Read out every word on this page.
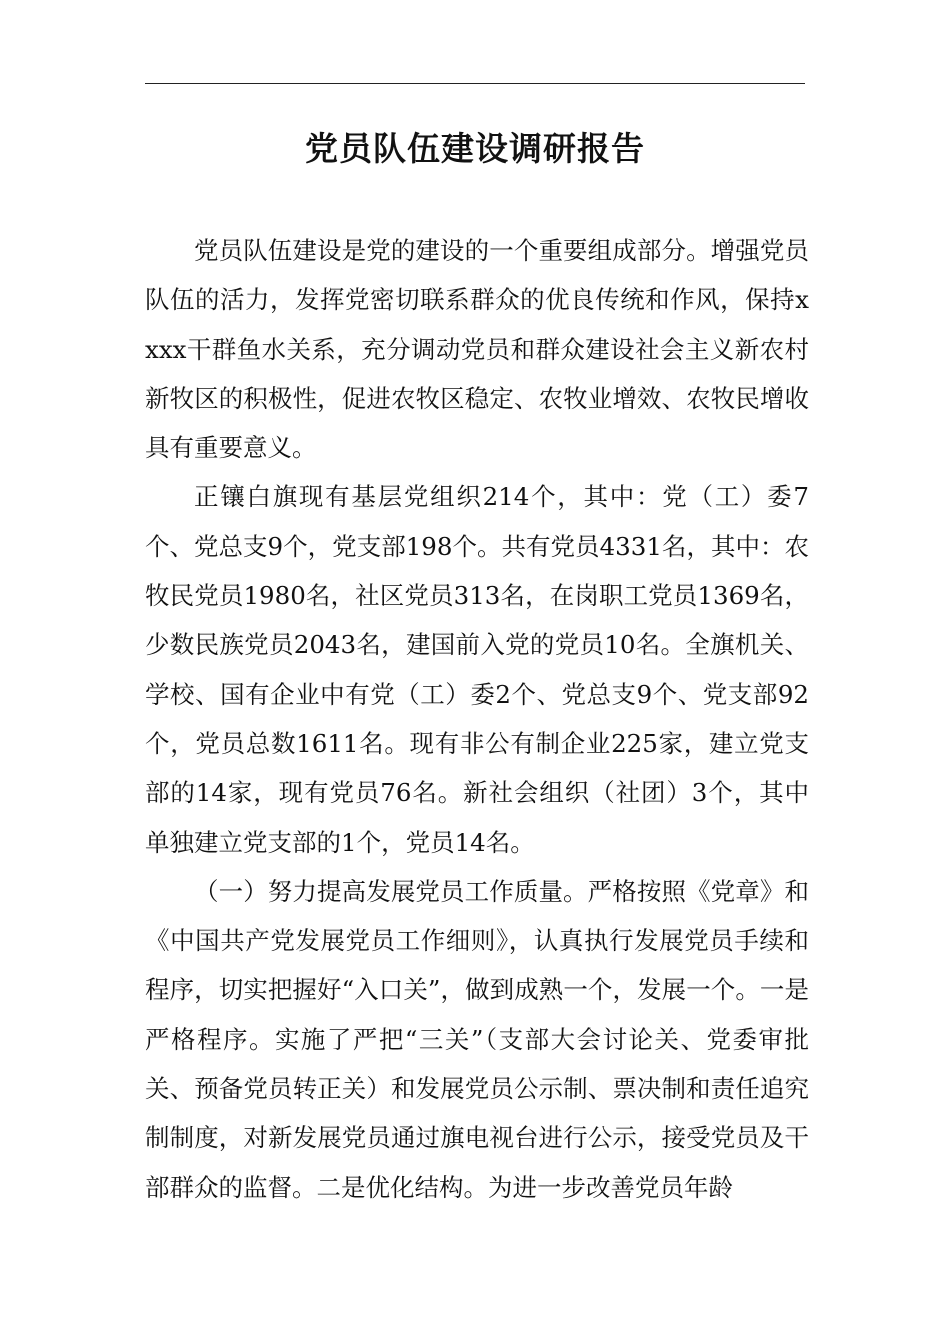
党员队伍建设调研报告

党员队伍建设是党的建设的一个重要组成部分。增强党员队伍的活力，发挥党密切联系群众的优良传统和作风，保持xxxx干群鱼水关系，充分调动党员和群众建设社会主义新农村新牧区的积极性，促进农牧区稳定、农牧业增效、农牧民增收具有重要意义。

正镶白旗现有基层党组织214个，其中：党（工）委7个、党总支9个，党支部198个。共有党员4331名，其中：农牧民党员1980名，社区党员313名，在岗职工党员1369名，少数民族党员2043名，建国前入党的党员10名。全旗机关、学校、国有企业中有党（工）委2个、党总支9个、党支部92个，党员总数1611名。现有非公有制企业225家，建立党支部的14家，现有党员76名。新社会组织（社团）3个，其中单独建立党支部的1个，党员14名。

（一）努力提高发展党员工作质量。严格按照《党章》和《中国共产党发展党员工作细则》，认真执行发展党员手续和程序，切实把握好“入口关”，做到成熟一个，发展一个。一是严格程序。实施了严把“三关”（支部大会讨论关、党委审批关、预备党员转正关）和发展党员公示制、票决制和责任追究制制度，对新发展党员通过旗电视台进行公示，接受党员及干部群众的监督。二是优化结构。为进一步改善党员年龄
